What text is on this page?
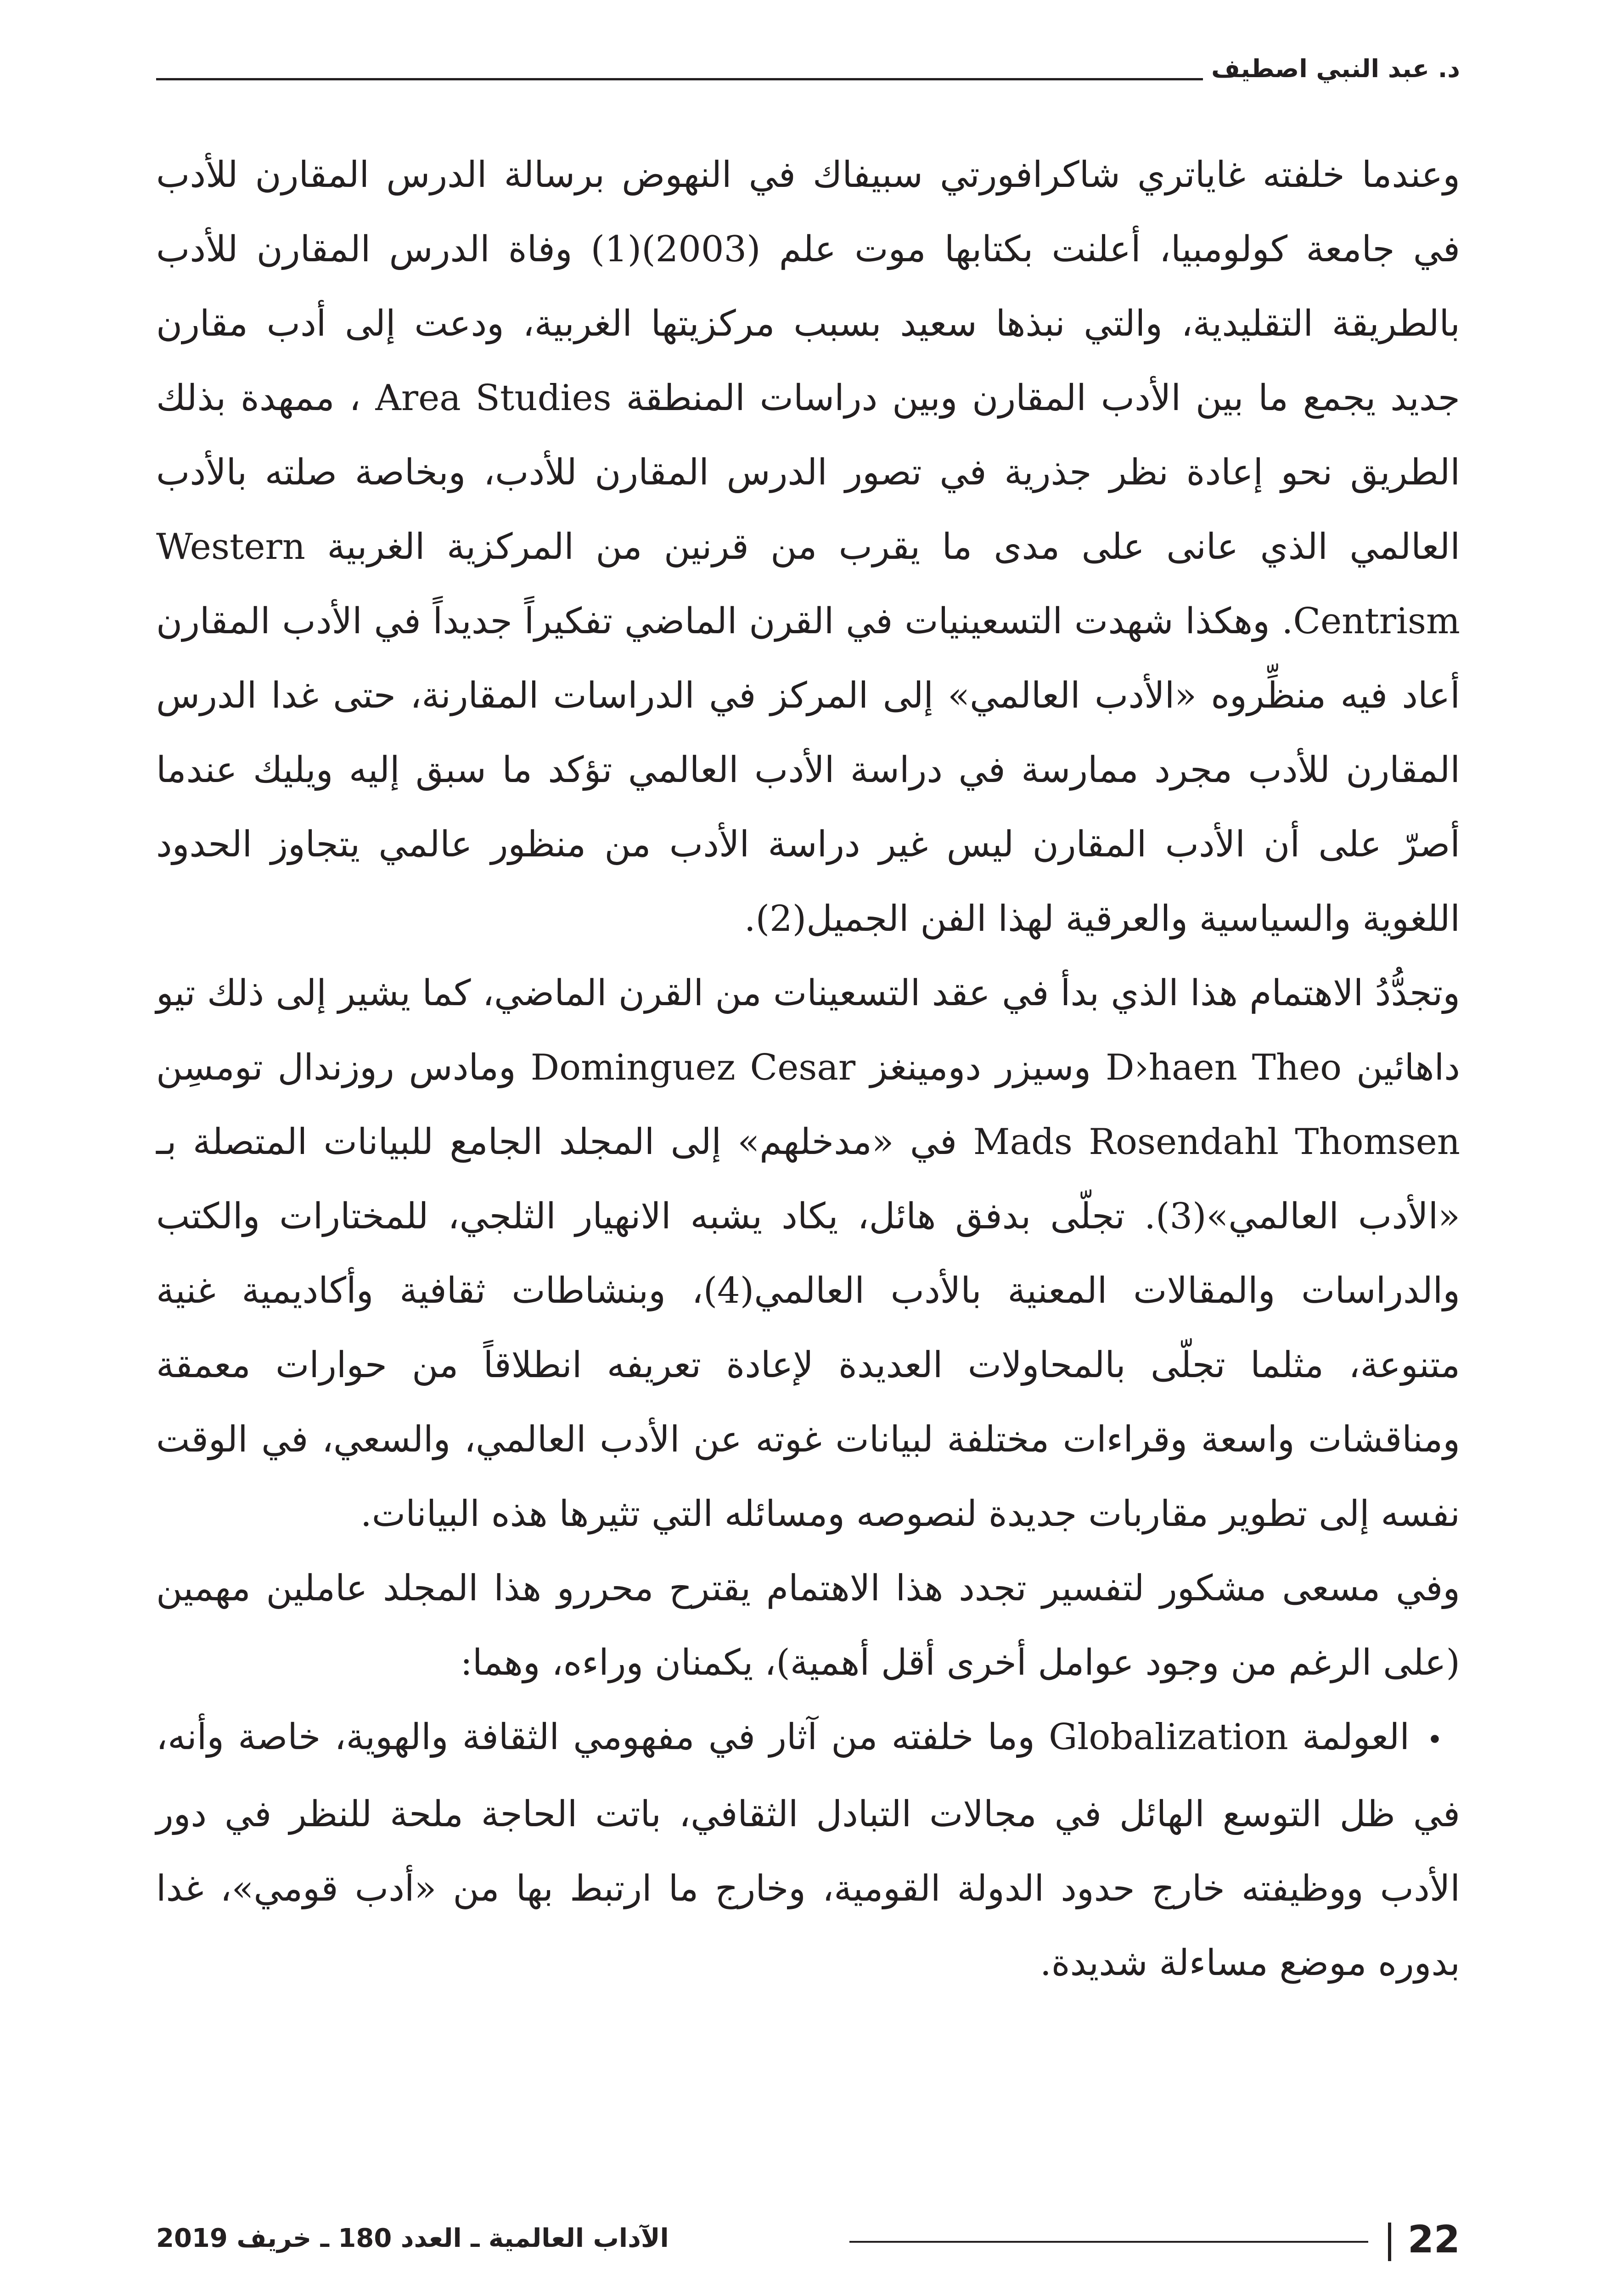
د. عبد النبي اصطيف

وعندما خلفته غاياتري شاكرافورتي سبيفاك في النهوض برسالة الدرس المقارن للأدب في جامعة كولومبيا، أعلنت بكتابها موت علم (2003)(1) وفاة الدرس المقارن للأدب بالطريقة التقليدية، والتي نبذها سعيد بسبب مركزيتها الغربية، ودعت إلى أدب مقارن جديد يجمع ما بين الأدب المقارن وبين دراسات المنطقة Area Studies ، ممهدة بذلك الطريق نحو إعادة نظر جذرية في تصور الدرس المقارن للأدب، وبخاصة صلته بالأدب العالمي الذي عانى على مدى ما يقرب من قرنين من المركزية الغربية Western Centrism. وهكذا شهدت التسعينيات في القرن الماضي تفكيراً جديداً في الأدب المقارن أعاد فيه منظِّروه «الأدب العالمي» إلى المركز في الدراسات المقارنة، حتى غدا الدرس المقارن للأدب مجرد ممارسة في دراسة الأدب العالمي تؤكد ما سبق إليه ويليك عندما أصرّ على أن الأدب المقارن ليس غير دراسة الأدب من منظور عالمي يتجاوز الحدود اللغوية والسياسية والعرقية لهذا الفن الجميل(2).

وتجدُّدُ الاهتمام هذا الذي بدأ في عقد التسعينات من القرن الماضي، كما يشير إلى ذلك تيو داهائين D›haen Theo وسيزر دومينغز Dominguez Cesar ومادس روزندال تومسِن Mads Rosendahl Thomsen في «مدخلهم» إلى المجلد الجامع للبيانات المتصلة بـ «الأدب العالمي»(3). تجلّى بدفق هائل، يكاد يشبه الانهيار الثلجي، للمختارات والكتب والدراسات والمقالات المعنية بالأدب العالمي(4)، وبنشاطات ثقافية وأكاديمية غنية متنوعة، مثلما تجلّى بالمحاولات العديدة لإعادة تعريفه انطلاقاً من حوارات معمقة ومناقشات واسعة وقراءات مختلفة لبيانات غوته عن الأدب العالمي، والسعي، في الوقت نفسه إلى تطوير مقاربات جديدة لنصوصه ومسائله التي تثيرها هذه البيانات.

وفي مسعى مشكور لتفسير تجدد هذا الاهتمام يقترح محررو هذا المجلد عاملين مهمين (على الرغم من وجود عوامل أخرى أقل أهمية)، يكمنان وراءه، وهما:

•العولمة Globalization وما خلفته من آثار في مفهومي الثقافة والهوية، خاصة وأنه، في ظل التوسع الهائل في مجالات التبادل الثقافي، باتت الحاجة ملحة للنظر في دور الأدب ووظيفته خارج حدود الدولة القومية، وخارج ما ارتبط بها من «أدب قومي»، غدا بدوره موضع مساءلة شديدة.
22
الآداب العالمية ـ العدد 180 ـ خريف 2019
